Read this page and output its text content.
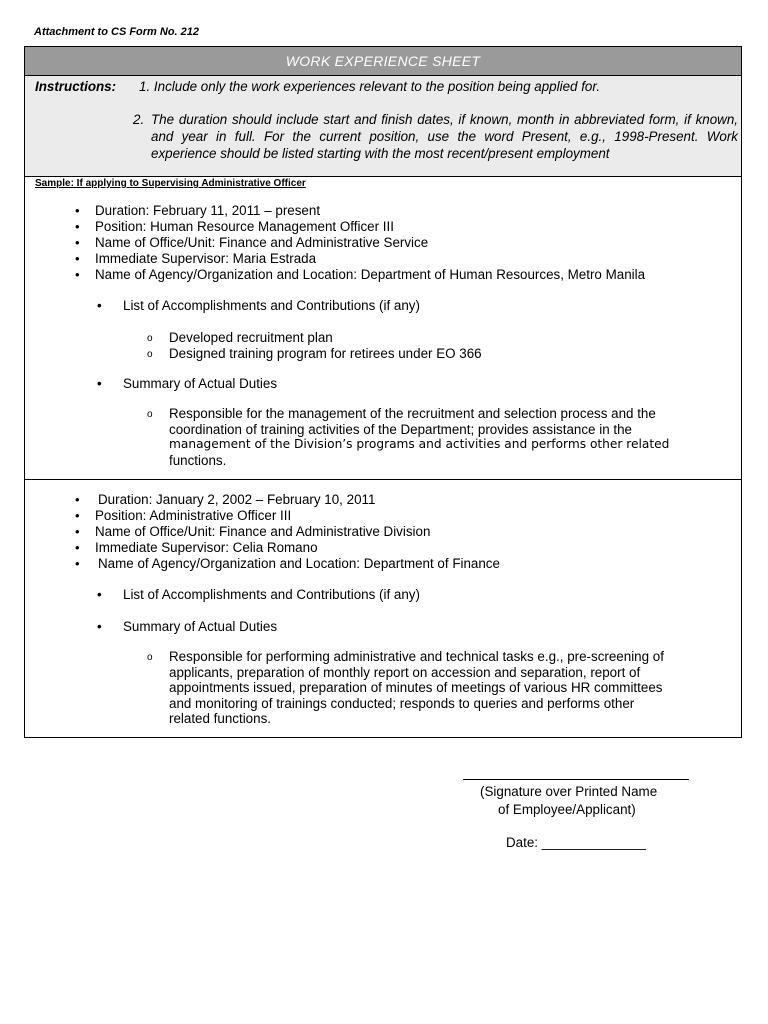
Attachment to CS Form No. 212
WORK EXPERIENCE SHEET
Instructions: 1. Include only the work experiences relevant to the position being applied for.
2. The duration should include start and finish dates, if known, month in abbreviated form, if known, and year in full. For the current position, use the word Present, e.g., 1998-Present. Work experience should be listed starting with the most recent/present employment
Sample: If applying to Supervising Administrative Officer
• Duration: February 11, 2011 – present
• Position: Human Resource Management Officer III
• Name of Office/Unit: Finance and Administrative Service
• Immediate Supervisor: Maria Estrada
• Name of Agency/Organization and Location: Department of Human Resources, Metro Manila
• List of Accomplishments and Contributions (if any)
o Developed recruitment plan
o Designed training program for retirees under EO 366
• Summary of Actual Duties
o Responsible for the management of the recruitment and selection process and the
coordination of training activities of the Department; provides assistance in the
management of the Division’s programs and activities and performs other related
functions.
• Duration: January 2, 2002 – February 10, 2011
• Position: Administrative Officer III
• Name of Office/Unit: Finance and Administrative Division
• Immediate Supervisor: Celia Romano
• Name of Agency/Organization and Location: Department of Finance
• List of Accomplishments and Contributions (if any)
• Summary of Actual Duties
o Responsible for performing administrative and technical tasks e.g., pre-screening of
applicants, preparation of monthly report on accession and separation, report of
appointments issued, preparation of minutes of meetings of various HR committees
and monitoring of trainings conducted; responds to queries and performs other
related functions.
(Signature over Printed Name
of Employee/Applicant)
Date: ______________
